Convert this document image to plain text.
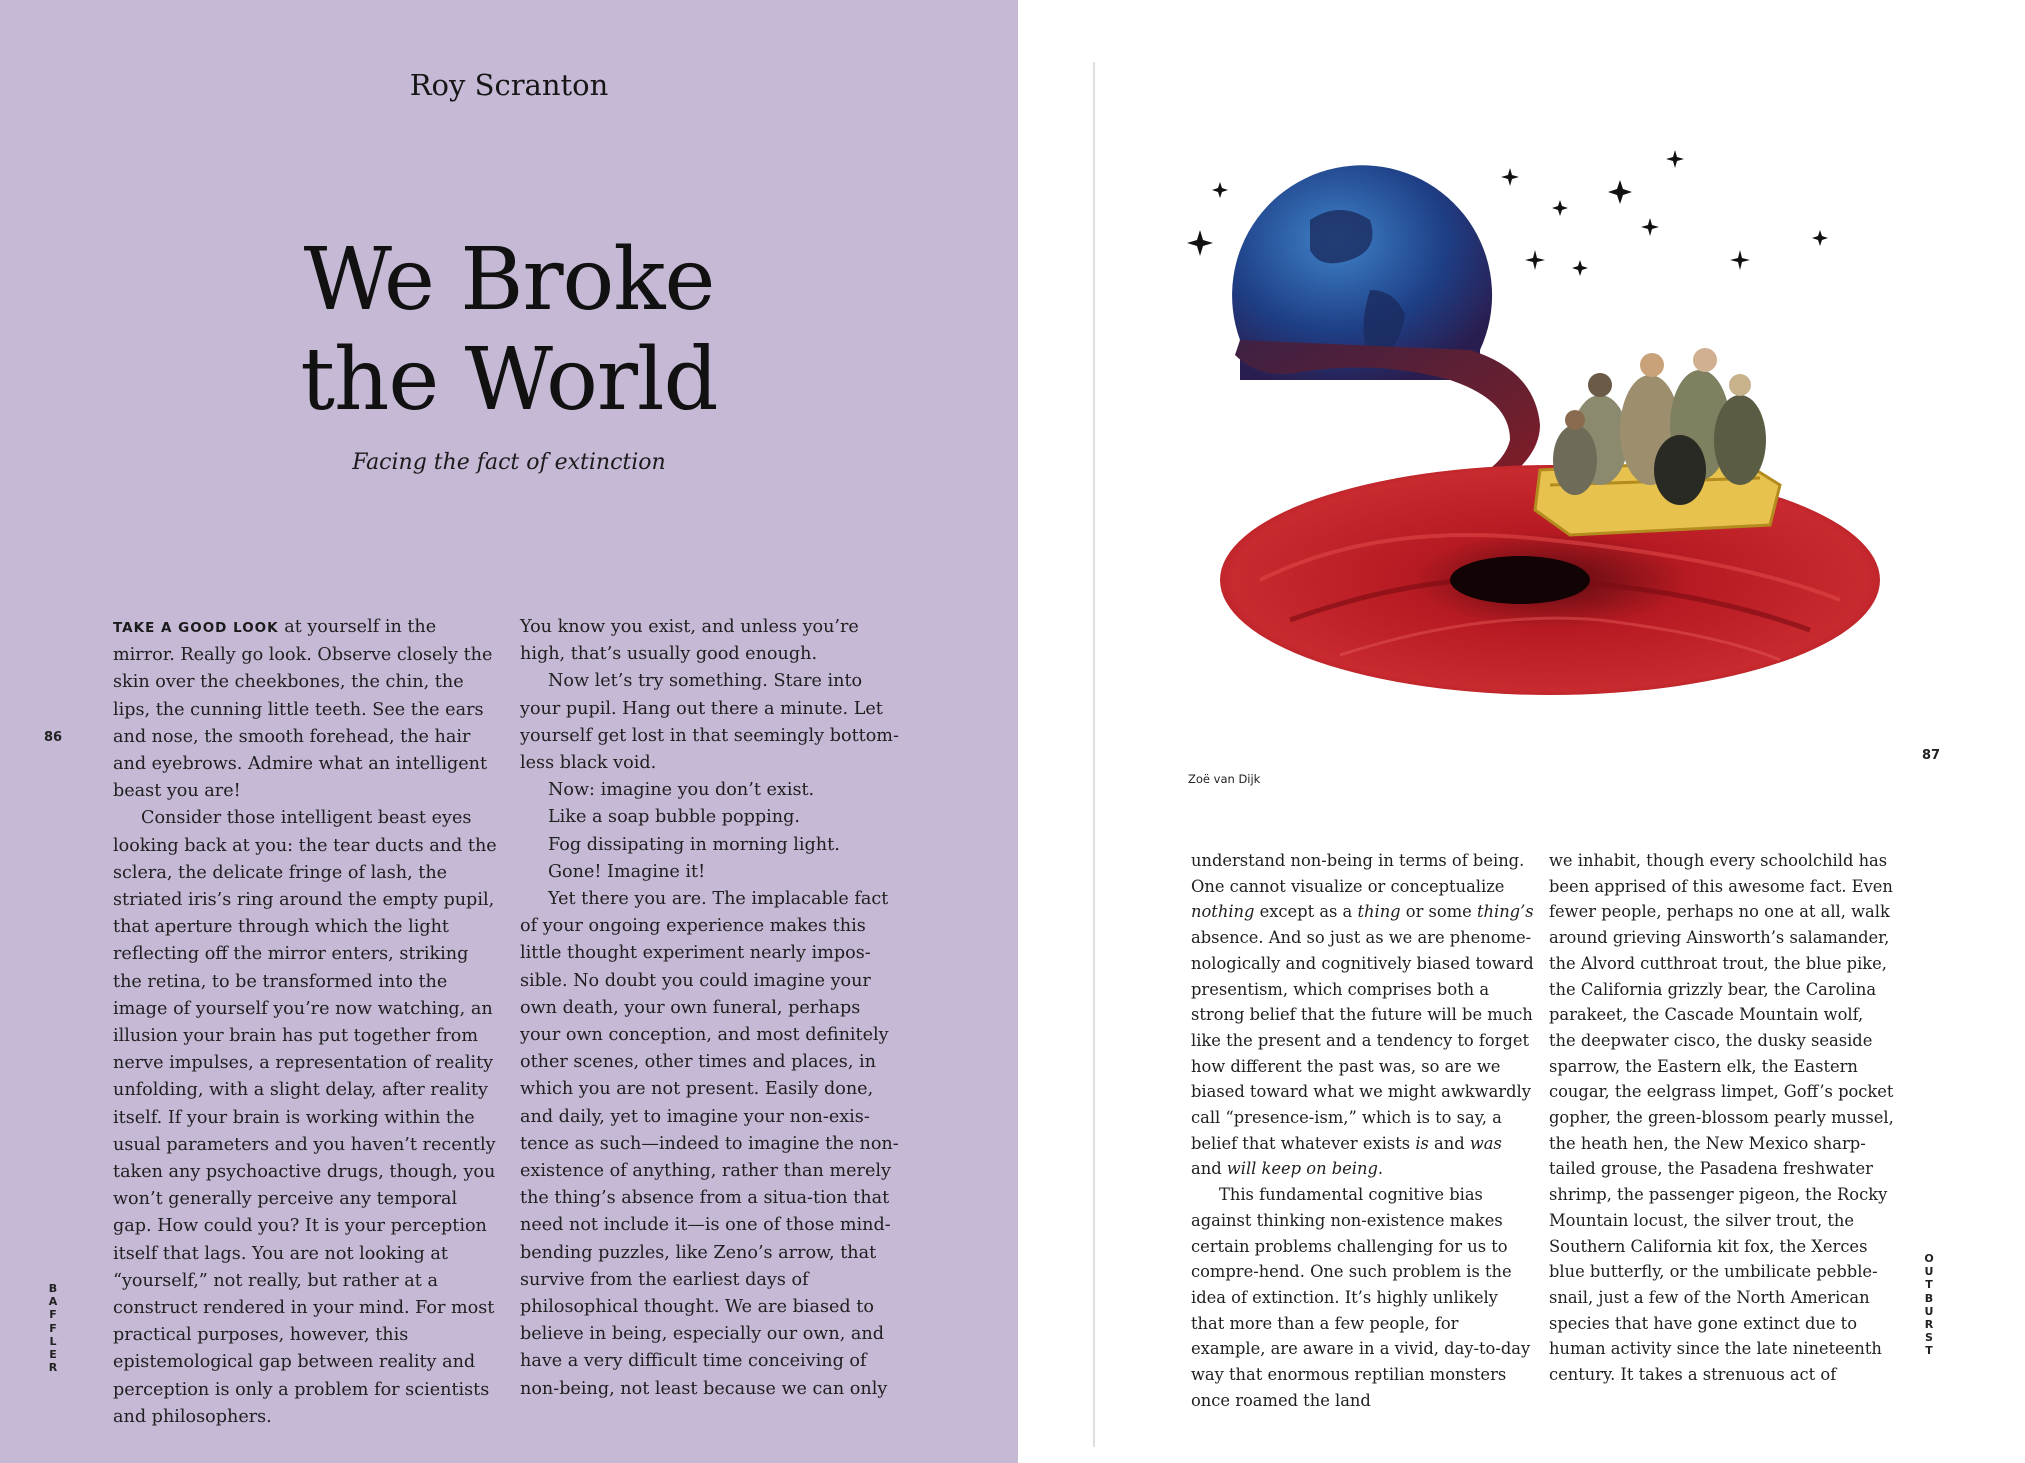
Roy Scranton
We Broke
the World
Facing the fact of extinction

TAKE A GOOD LOOK at yourself in the mirror. Really go look. Observe closely the skin over the cheekbones, the chin, the lips, the cunning little teeth. See the ears and nose, the smooth forehead, the hair and eyebrows. Admire what an intelligent beast you are!

Consider those intelligent beast eyes looking back at you: the tear ducts and the sclera, the delicate fringe of lash, the striated iris’s ring around the empty pupil, that aperture through which the light reflecting off the mirror enters, striking the retina, to be transformed into the image of yourself you’re now watching, an illusion your brain has put together from nerve impulses, a representation of reality unfolding, with a slight delay, after reality itself. If your brain is working within the usual parameters and you haven’t recently taken any psychoactive drugs, though, you won’t generally perceive any temporal gap. How could you? It is your perception itself that lags. You are not looking at “yourself,” not really, but rather at a construct rendered in your mind. For most practical purposes, however, this epistemological gap between reality and perception is only a problem for scientists and philosophers.

You know you exist, and unless you’re high, that’s usually good enough.

Now let’s try something. Stare into your pupil. Hang out there a minute. Let yourself get lost in that seemingly bottom-less black void.

Now: imagine you don’t exist.

Like a soap bubble popping.

Fog dissipating in morning light.

Gone! Imagine it!

Yet there you are. The implacable fact of your ongoing experience makes this little thought experiment nearly impos-sible. No doubt you could imagine your own death, your own funeral, perhaps your own conception, and most definitely other scenes, other times and places, in which you are not present. Easily done, and daily, yet to imagine your non-exis-tence as such—indeed to imagine the non-existence of anything, rather than merely the thing’s absence from a situa-tion that need not include it—is one of those mind-bending puzzles, like Zeno’s arrow, that survive from the earliest days of philosophical thought. We are biased to believe in being, especially our own, and have a very difficult time conceiving of non-being, not least because we can only

86
BAFFLER
Zoë van Dijk
87

understand non-being in terms of being. One cannot visualize or conceptualize nothing except as a thing or some thing’s absence. And so just as we are phenome-nologically and cognitively biased toward presentism, which comprises both a strong belief that the future will be much like the present and a tendency to forget how different the past was, so are we biased toward what we might awkwardly call “presence-ism,” which is to say, a belief that whatever exists is and was and will keep on being.

This fundamental cognitive bias against thinking non-existence makes certain problems challenging for us to compre-hend. One such problem is the idea of extinction. It’s highly unlikely that more than a few people, for example, are aware in a vivid, day-to-day way that enormous reptilian monsters once roamed the land

we inhabit, though every schoolchild has been apprised of this awesome fact. Even fewer people, perhaps no one at all, walk around grieving Ainsworth’s salamander, the Alvord cutthroat trout, the blue pike, the California grizzly bear, the Carolina parakeet, the Cascade Mountain wolf, the deepwater cisco, the dusky seaside sparrow, the Eastern elk, the Eastern cougar, the eelgrass limpet, Goff’s pocket gopher, the green-blossom pearly mussel, the heath hen, the New Mexico sharp-tailed grouse, the Pasadena freshwater shrimp, the passenger pigeon, the Rocky Mountain locust, the silver trout, the Southern California kit fox, the Xerces blue butterfly, or the umbilicate pebble-snail, just a few of the North American species that have gone extinct due to human activity since the late nineteenth century. It takes a strenuous act of

OUTBURST
